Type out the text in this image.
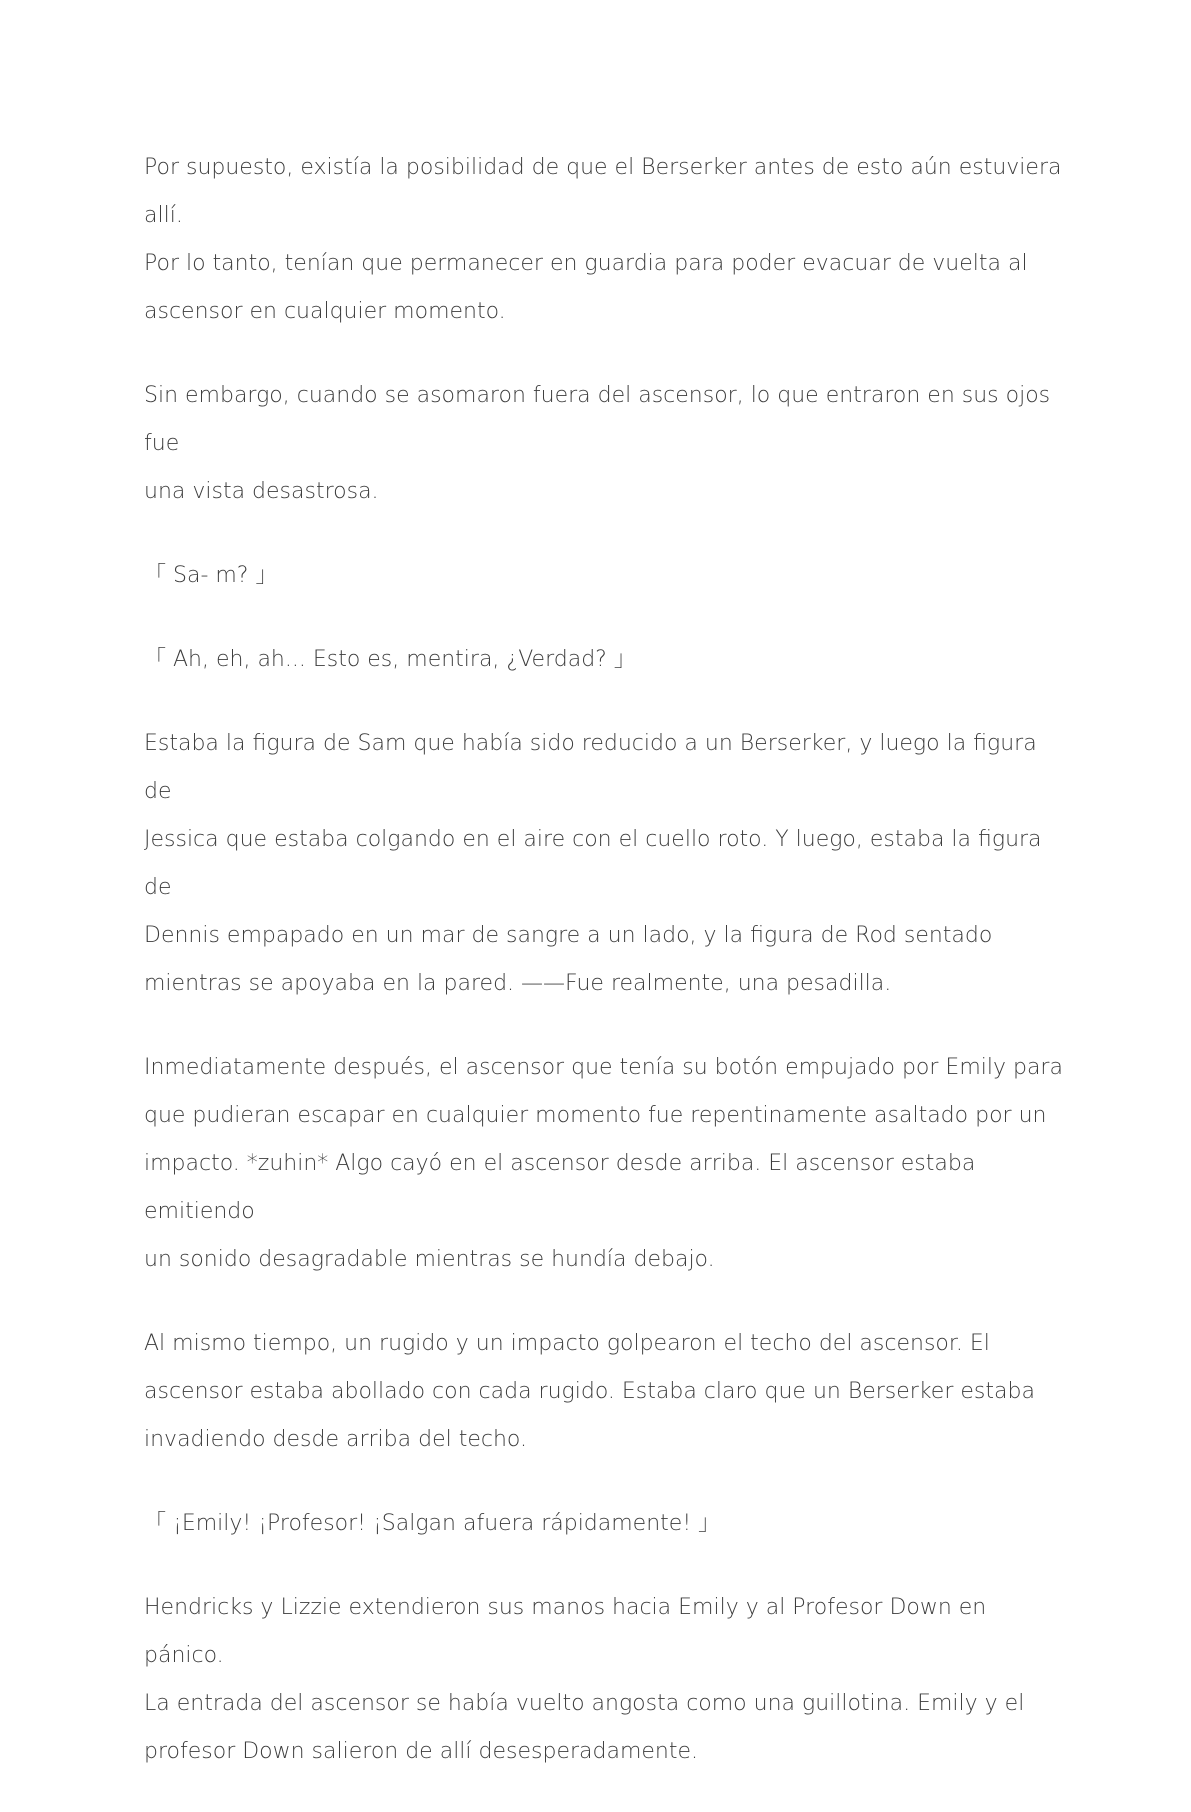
Por supuesto, existía la posibilidad de que el Berserker antes de esto aún estuviera allí.
Por lo tanto, tenían que permanecer en guardia para poder evacuar de vuelta al
ascensor en cualquier momento.

Sin embargo, cuando se asomaron fuera del ascensor, lo que entraron en sus ojos fue
una vista desastrosa.

「 Sa- m? 」

「 Ah, eh, ah... Esto es, mentira, ¿Verdad? 」

Estaba la figura de Sam que había sido reducido a un Berserker, y luego la figura de
Jessica que estaba colgando en el aire con el cuello roto. Y luego, estaba la figura de
Dennis empapado en un mar de sangre a un lado, y la figura de Rod sentado
mientras se apoyaba en la pared. ——Fue realmente, una pesadilla.

Inmediatamente después, el ascensor que tenía su botón empujado por Emily para
que pudieran escapar en cualquier momento fue repentinamente asaltado por un
impacto. *zuhin* Algo cayó en el ascensor desde arriba. El ascensor estaba emitiendo
un sonido desagradable mientras se hundía debajo.

Al mismo tiempo, un rugido y un impacto golpearon el techo del ascensor. El
ascensor estaba abollado con cada rugido. Estaba claro que un Berserker estaba
invadiendo desde arriba del techo.

「 ¡Emily! ¡Profesor! ¡Salgan afuera rápidamente! 」

Hendricks y Lizzie extendieron sus manos hacia Emily y al Profesor Down en pánico.
La entrada del ascensor se había vuelto angosta como una guillotina. Emily y el
profesor Down salieron de allí desesperadamente.
